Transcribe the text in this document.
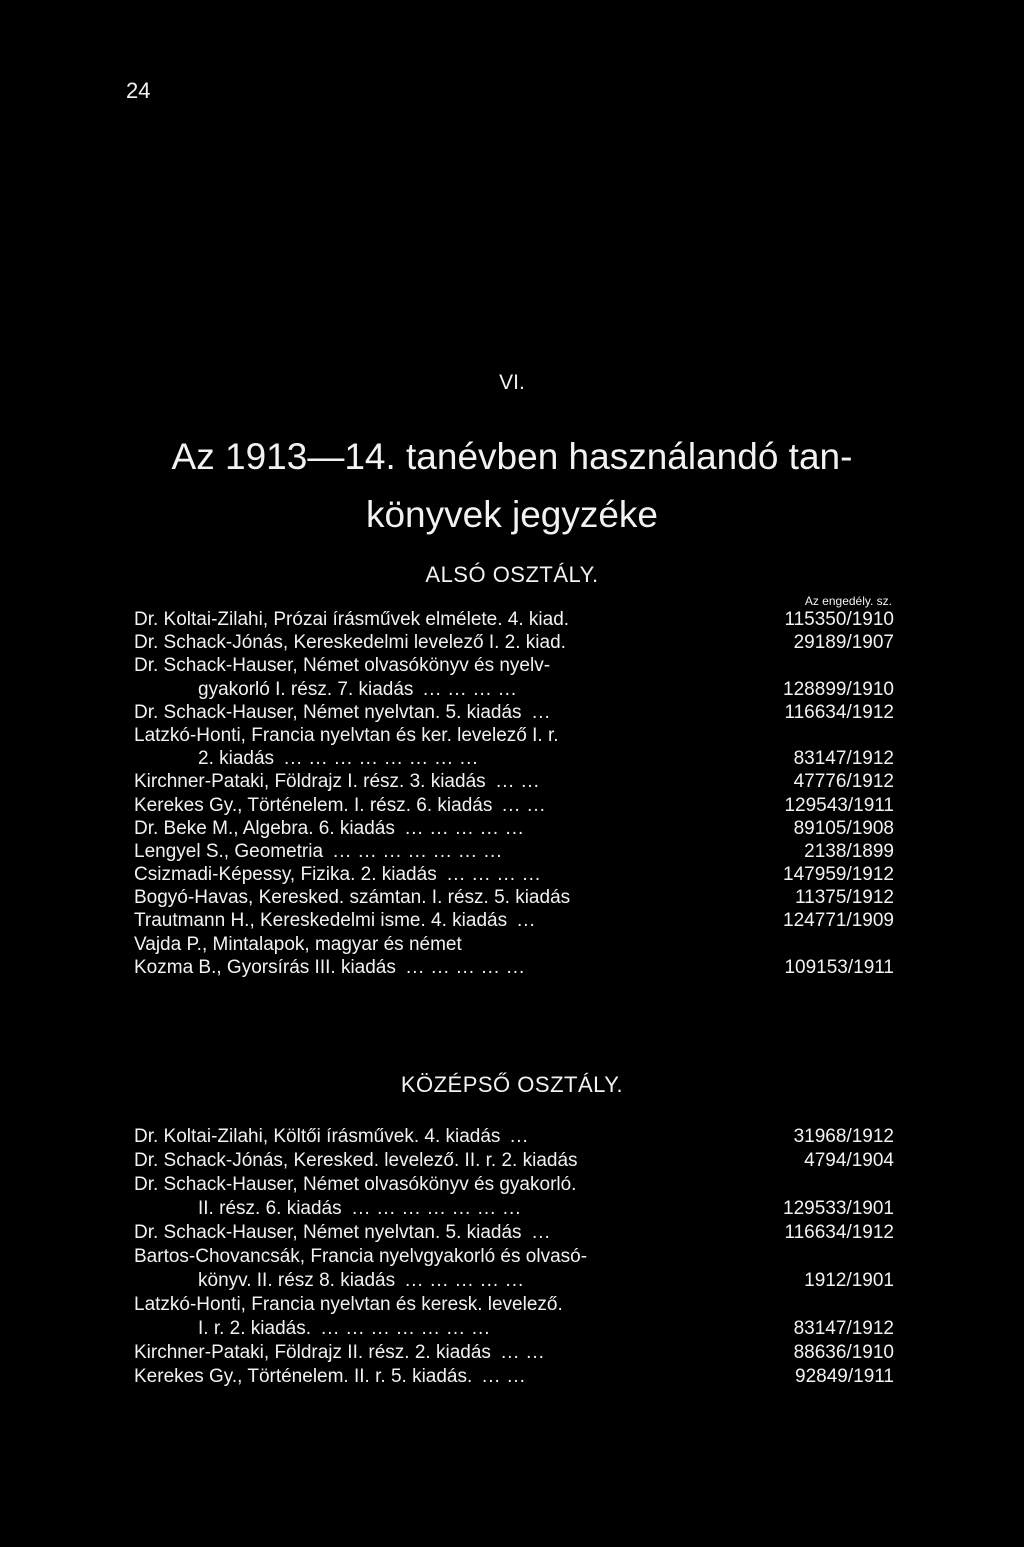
24
VI.
Az 1913—14. tanévben használandó tan-
könyvek jegyzéke
ALSÓ OSZTÁLY.
Az engedély. sz.
Dr. Koltai-Zilahi, Prózai írásművek elmélete. 4. kiad.	115350/1910
Dr. Schack-Jónás, Kereskedelmi levelező I. 2. kiad.	29189/1907
Dr. Schack-Hauser, Német olvasókönyv és nyelv-
gyakorló I. rész. 7. kiadás ... ... ... ...	128899/1910
Dr. Schack-Hauser, Német nyelvtan. 5. kiadás ...	116634/1912
Latzkó-Honti, Francia nyelvtan és ker. levelező I. r.
2. kiadás ... ... ... ... ... ... ... ...	83147/1912
Kirchner-Pataki, Földrajz I. rész. 3. kiadás ... ...	47776/1912
Kerekes Gy., Történelem. I. rész. 6. kiadás ... ...	129543/1911
Dr. Beke M., Algebra. 6. kiadás ... ... ... ... ...	89105/1908
Lengyel S., Geometria ... ... ... ... ... ... ...	2138/1899
Csizmadi-Képessy, Fizika. 2. kiadás ... ... ... ...	147959/1912
Bogyó-Havas, Keresked. számtan. I. rész. 5. kiadás	11375/1912
Trautmann H., Kereskedelmi isme. 4. kiadás ...	124771/1909
Vajda P., Mintalapok, magyar és német
Kozma B., Gyorsírás III. kiadás ... ... ... ... ...	109153/1911
KÖZÉPSŐ OSZTÁLY.
Dr. Koltai-Zilahi, Költői írásművek. 4. kiadás ...	31968/1912
Dr. Schack-Jónás, Keresked. levelező. II. r. 2. kiadás	4794/1904
Dr. Schack-Hauser, Német olvasókönyv és gyakorló.
II. rész. 6. kiadás ... ... ... ... ... ... ...	129533/1901
Dr. Schack-Hauser, Német nyelvtan. 5. kiadás ...	116634/1912
Bartos-Chovancsák, Francia nyelvgyakorló és olvasó-
könyv. II. rész 8. kiadás ... ... ... ... ...	1912/1901
Latzkó-Honti, Francia nyelvtan és keresk. levelező.
I. r. 2. kiadás. ... ... ... ... ... ... ...	83147/1912
Kirchner-Pataki, Földrajz II. rész. 2. kiadás ... ...	88636/1910
Kerekes Gy., Történelem. II. r. 5. kiadás. ... ...	92849/1911
